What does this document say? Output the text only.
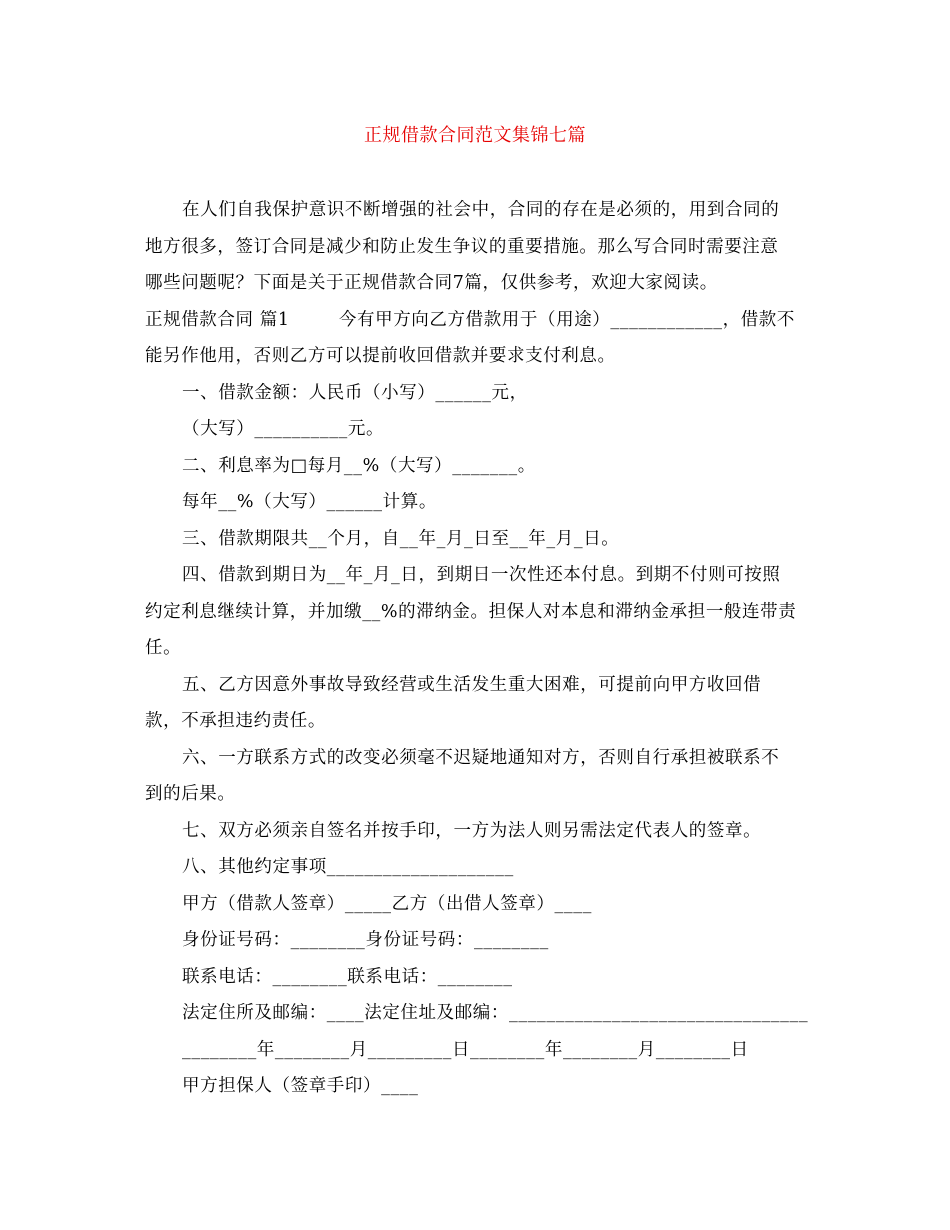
正规借款合同范文集锦七篇
在人们自我保护意识不断增强的社会中，合同的存在是必须的，用到合同的
地方很多，签订合同是减少和防止发生争议的重要措施。那么写合同时需要注意
哪些问题呢？下面是关于正规借款合同7篇，仅供参考，欢迎大家阅读。
正规借款合同 篇1        今有甲方向乙方借款用于（用途）____________，借款不
能另作他用，否则乙方可以提前收回借款并要求支付利息。
一、借款金额：人民币（小写）______元，
（大写）__________元。
二、利息率为□每月__%（大写）_______。
每年__%（大写）______计算。
三、借款期限共__个月，自__年_月_日至__年_月_日。
四、借款到期日为__年_月_日，到期日一次性还本付息。到期不付则可按照
约定利息继续计算，并加缴__%的滞纳金。担保人对本息和滞纳金承担一般连带责
任。
五、乙方因意外事故导致经营或生活发生重大困难，可提前向甲方收回借
款，不承担违约责任。
六、一方联系方式的改变必须毫不迟疑地通知对方，否则自行承担被联系不
到的后果。
七、双方必须亲自签名并按手印，一方为法人则另需法定代表人的签章。
八、其他约定事项____________________
甲方（借款人签章）_____乙方（出借人签章）____
身份证号码：________身份证号码：________
联系电话：________联系电话：________
法定住所及邮编：____法定住址及邮编：________________________________
________年________月_________日________年________月________日
甲方担保人（签章手印）____
